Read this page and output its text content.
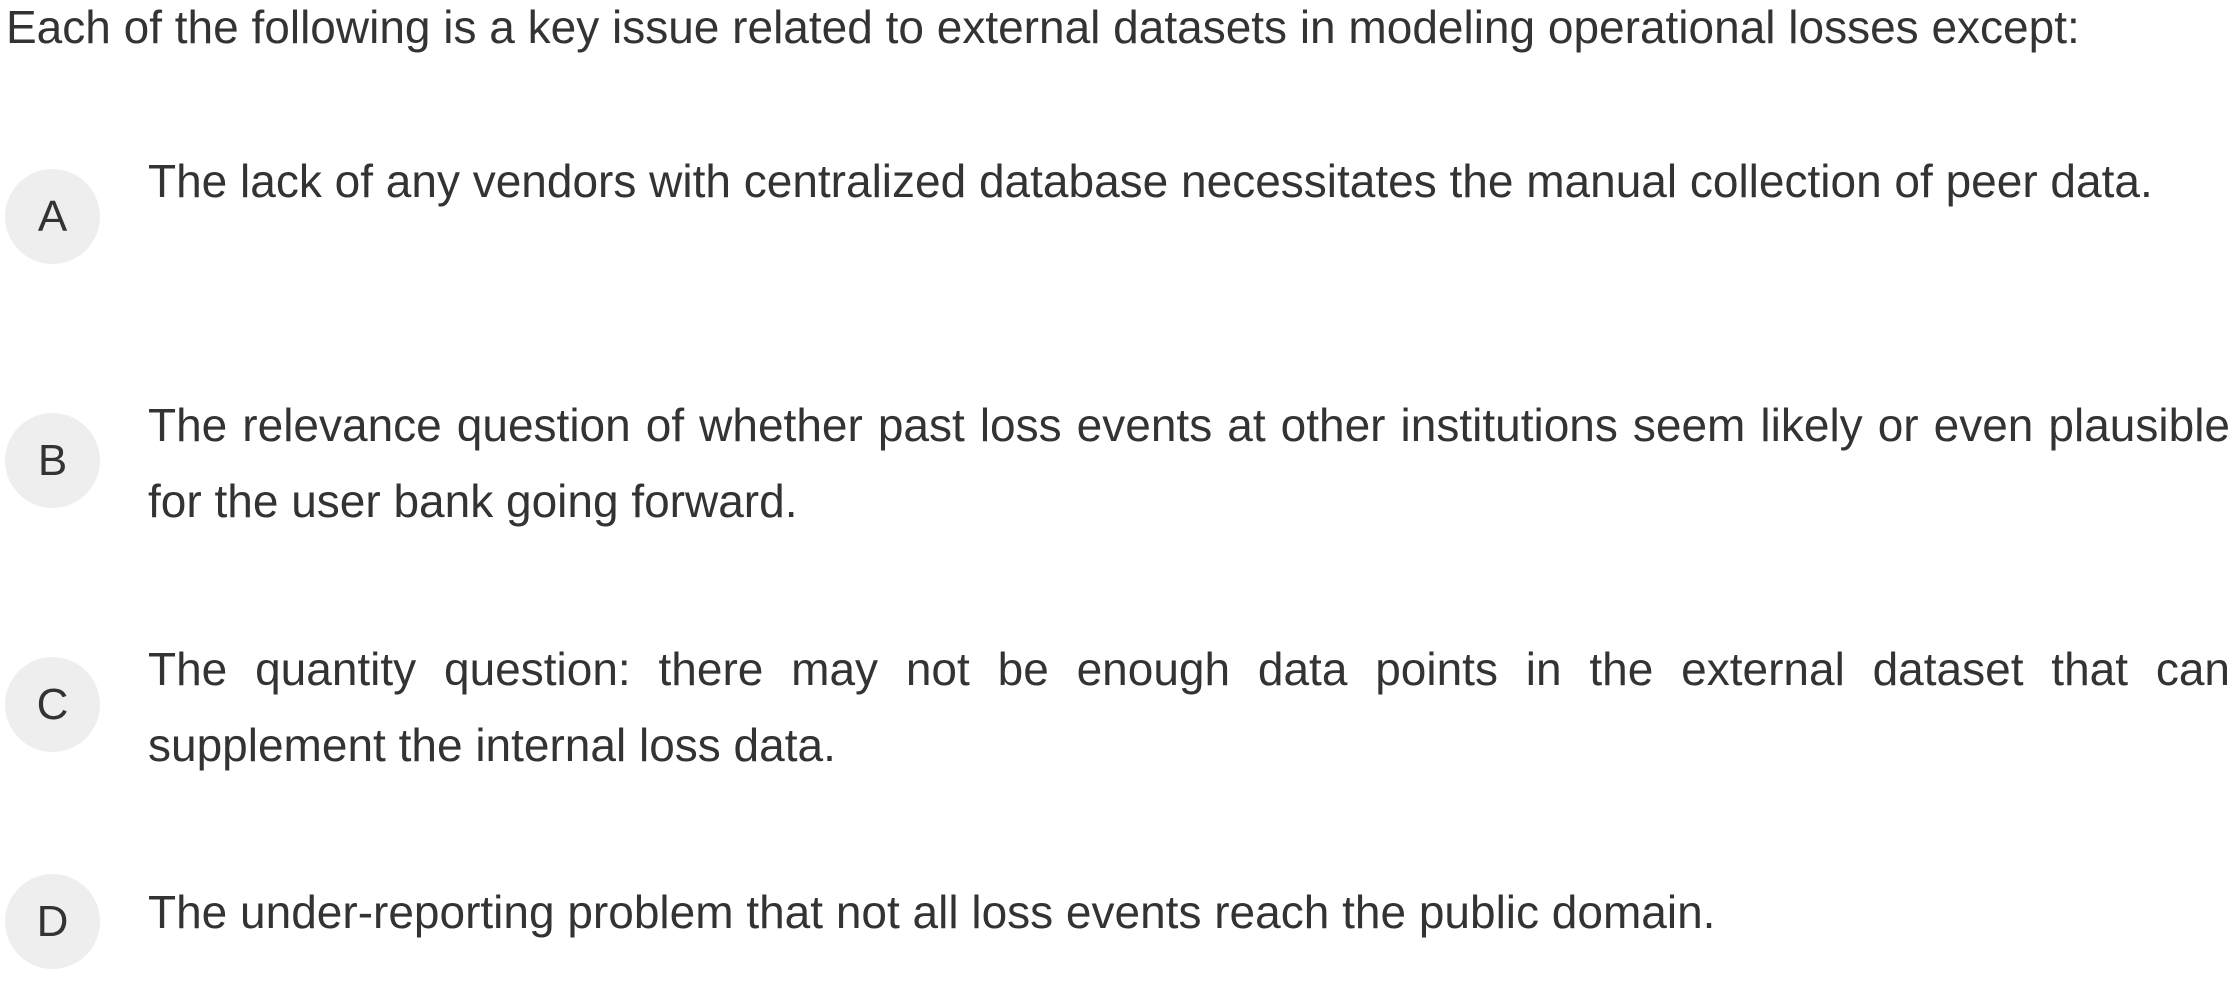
Each of the following is a key issue related to external datasets in modeling operational losses except:
A
The lack of any vendors with centralized database necessitates the manual collection of peer data.
B
The relevance question of whether past loss events at other institutions seem likely or even plausible for the user bank going forward.
C
The quantity question: there may not be enough data points in the external dataset that can supplement the internal loss data.
D	The under-reporting problem that not all loss events reach the public domain.
